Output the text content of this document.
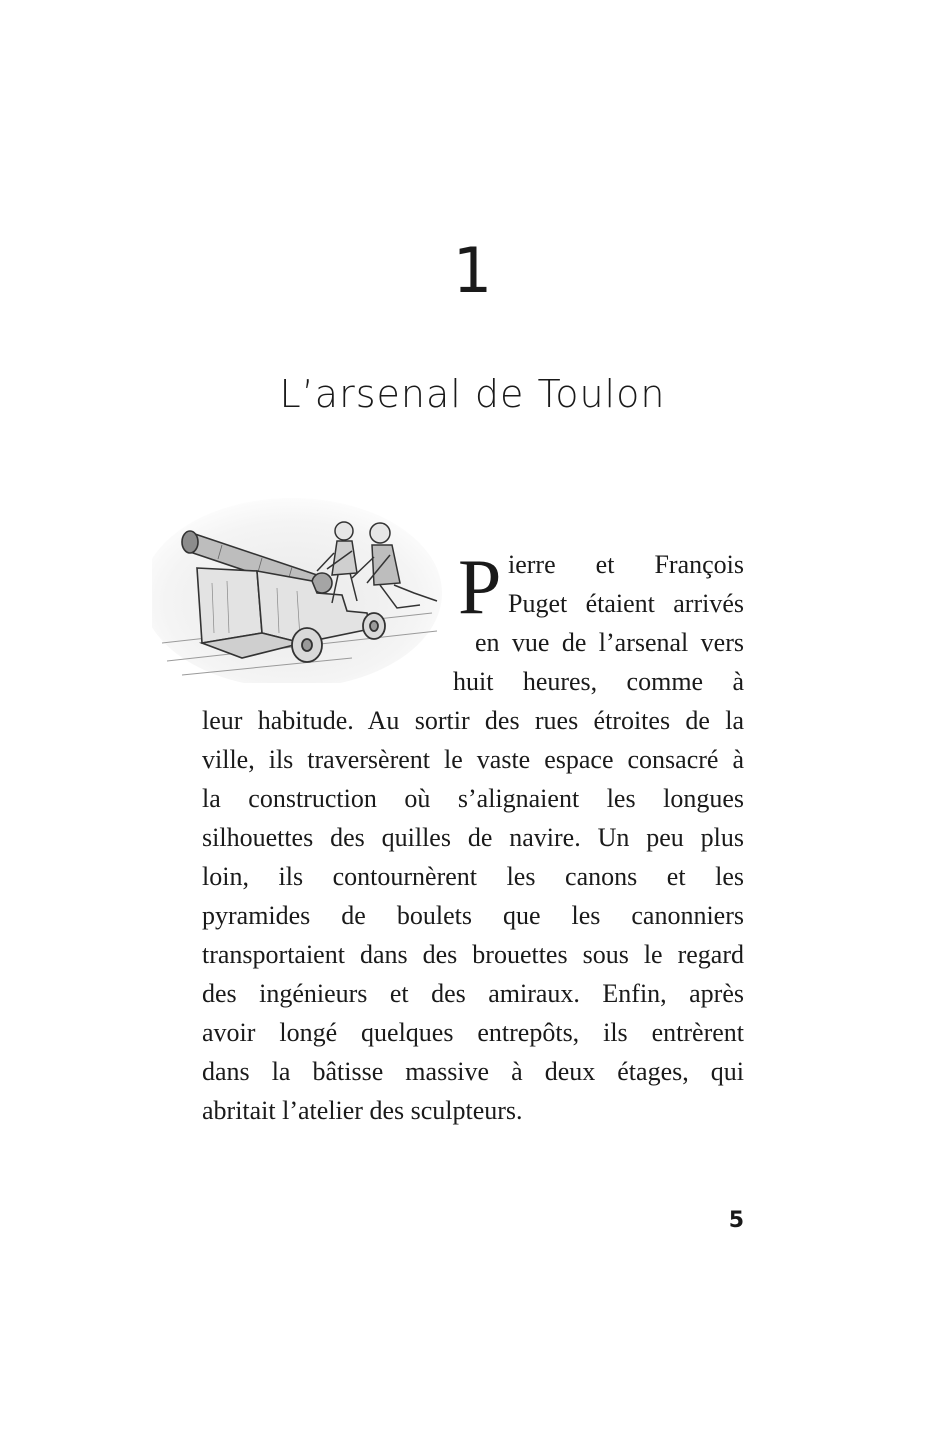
1
L’arsenal de Toulon
P ierre et François
Puget étaient arrivés
en vue de l’arsenal vers
huit heures, comme à
leur habitude. Au sortir des rues étroites de la
ville, ils traversèrent le vaste espace consacré à
la construction où s’alignaient les longues
silhouettes des quilles de navire. Un peu plus
loin, ils contournèrent les canons et les
pyramides de boulets que les canonniers
transportaient dans des brouettes sous le regard
des ingénieurs et des amiraux. Enfin, après
avoir longé quelques entrepôts, ils entrèrent
dans la bâtisse massive à deux étages, qui
abritait l’atelier des sculpteurs.
5
